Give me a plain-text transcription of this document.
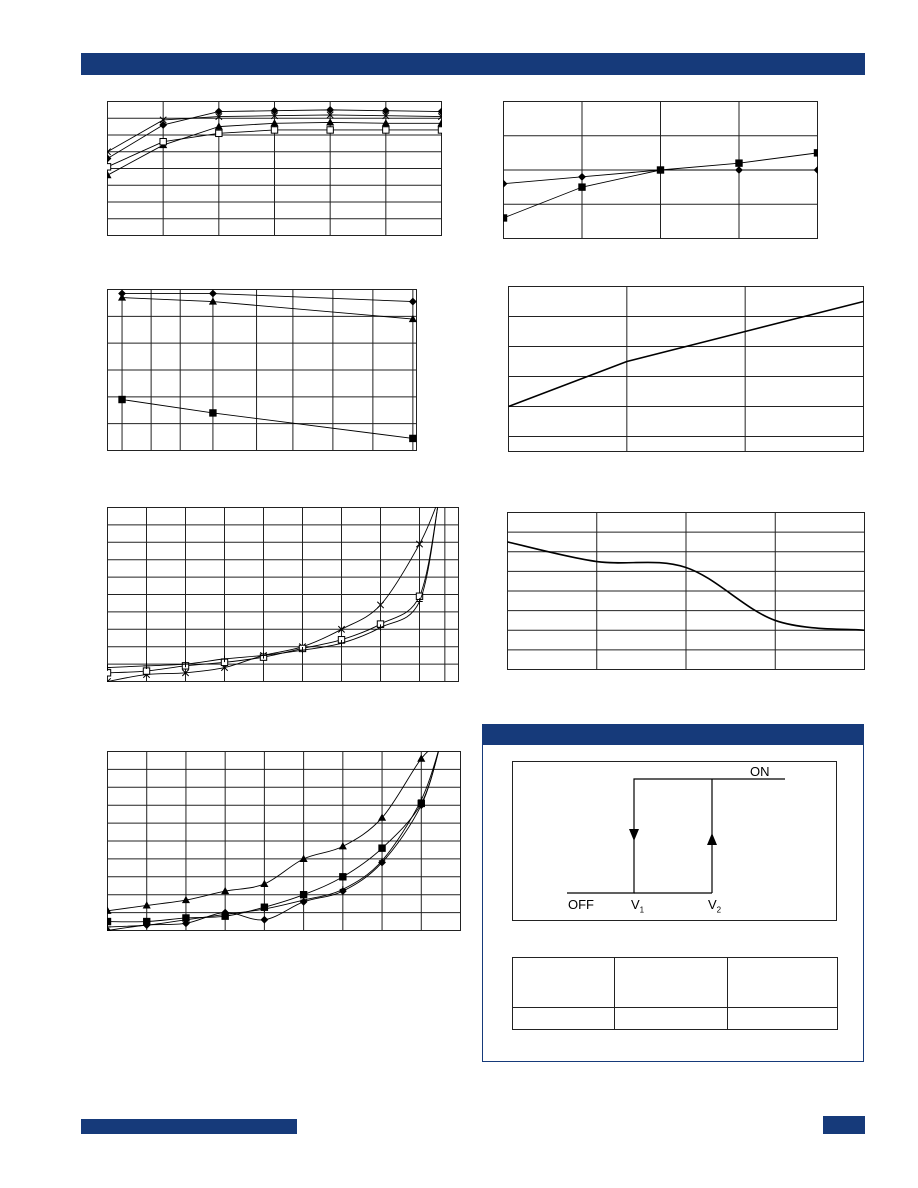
ON
OFF	$V_1$	$V_2$
